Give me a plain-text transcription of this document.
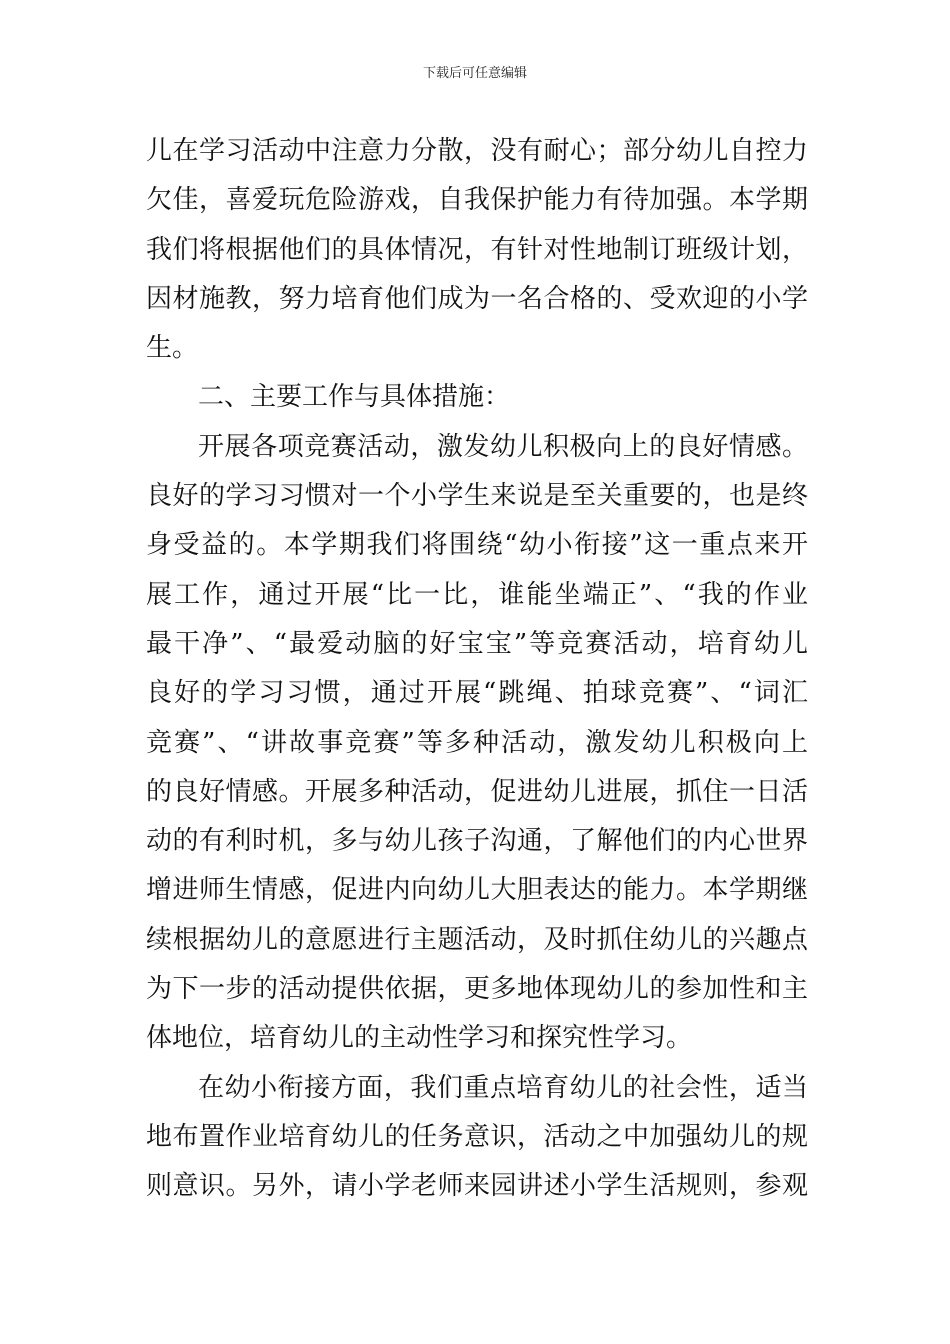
下载后可任意编辑
儿在学习活动中注意力分散，没有耐心；部分幼儿自控力
欠佳，喜爱玩危险游戏，自我保护能力有待加强。本学期
我们将根据他们的具体情况，有针对性地制订班级计划，
因材施教，努力培育他们成为一名合格的、受欢迎的小学
生。
二、主要工作与具体措施：
开展各项竞赛活动，激发幼儿积极向上的良好情感。
良好的学习习惯对一个小学生来说是至关重要的，也是终
身受益的。本学期我们将围绕“幼小衔接”这一重点来开
展工作，通过开展“比一比，谁能坐端正”、“我的作业
最干净”、“最爱动脑的好宝宝”等竞赛活动，培育幼儿
良好的学习习惯，通过开展“跳绳、拍球竞赛”、“词汇
竞赛”、“讲故事竞赛”等多种活动，激发幼儿积极向上
的良好情感。开展多种活动，促进幼儿进展，抓住一日活
动的有利时机，多与幼儿孩子沟通，了解他们的内心世界
增进师生情感，促进内向幼儿大胆表达的能力。本学期继
续根据幼儿的意愿进行主题活动，及时抓住幼儿的兴趣点
为下一步的活动提供依据，更多地体现幼儿的参加性和主
体地位，培育幼儿的主动性学习和探究性学习。
在幼小衔接方面，我们重点培育幼儿的社会性，适当
地布置作业培育幼儿的任务意识，活动之中加强幼儿的规
则意识。另外，请小学老师来园讲述小学生活规则，参观
